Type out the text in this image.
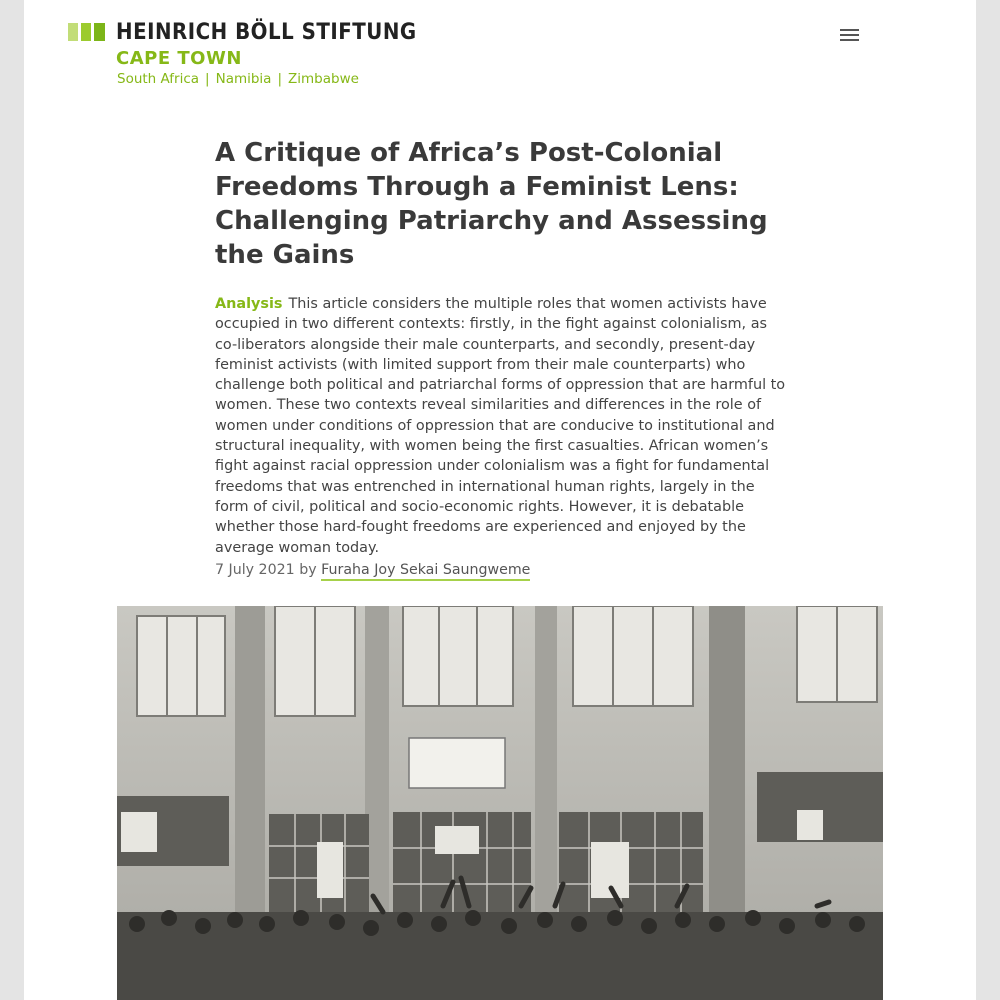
HEINRICH BÖLL STIFTUNG
CAPE TOWN
South Africa | Namibia | Zimbabwe
A Critique of Africa’s Post-Colonial Freedoms Through a Feminist Lens: Challenging Patriarchy and Assessing the Gains

Analysis This article considers the multiple roles that women activists have occupied in two different contexts: firstly, in the fight against colonialism, as co-liberators alongside their male counterparts, and secondly, present-day feminist activists (with limited support from their male counterparts) who challenge both political and patriarchal forms of oppression that are harmful to women. These two contexts reveal similarities and differences in the role of women under conditions of oppression that are conducive to institutional and structural inequality, with women being the first casualties. African women’s fight against racial oppression under colonialism was a fight for fundamental freedoms that was entrenched in international human rights, largely in the form of civil, political and socio-economic rights. However, it is debatable whether those hard-fought freedoms are experienced and enjoyed by the average woman today.

7 July 2021 by Furaha Joy Sekai Saungweme
